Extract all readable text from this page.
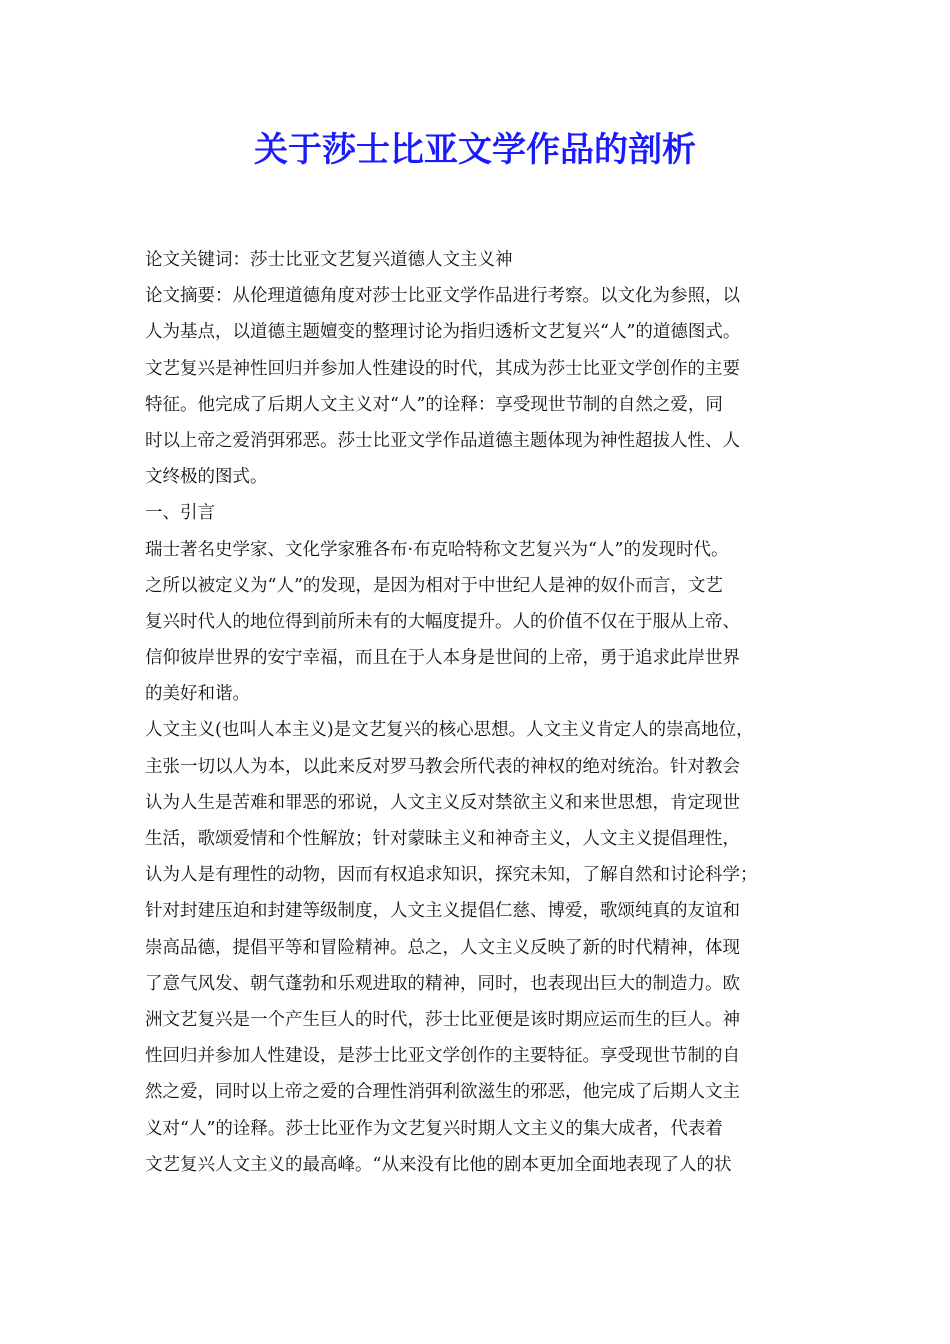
关于莎士比亚文学作品的剖析
论文关键词：莎士比亚文艺复兴道德人文主义神
论文摘要：从伦理道德角度对莎士比亚文学作品进行考察。以文化为参照，以
人为基点，以道德主题嬗变的整理讨论为指归透析文艺复兴“人”的道德图式。
文艺复兴是神性回归并参加人性建设的时代，其成为莎士比亚文学创作的主要
特征。他完成了后期人文主义对“人”的诠释：享受现世节制的自然之爱，同
时以上帝之爱消弭邪恶。莎士比亚文学作品道德主题体现为神性超拔人性、人
文终极的图式。
一、引言
瑞士著名史学家、文化学家雅各布·布克哈特称文艺复兴为“人”的发现时代。
之所以被定义为“人”的发现，是因为相对于中世纪人是神的奴仆而言，文艺
复兴时代人的地位得到前所未有的大幅度提升。人的价值不仅在于服从上帝、
信仰彼岸世界的安宁幸福，而且在于人本身是世间的上帝，勇于追求此岸世界
的美好和谐。
人文主义(也叫人本主义)是文艺复兴的核心思想。人文主义肯定人的崇高地位，
主张一切以人为本，以此来反对罗马教会所代表的神权的绝对统治。针对教会
认为人生是苦难和罪恶的邪说，人文主义反对禁欲主义和来世思想，肯定现世
生活，歌颂爱情和个性解放；针对蒙昧主义和神奇主义，人文主义提倡理性，
认为人是有理性的动物，因而有权追求知识，探究未知，了解自然和讨论科学；
针对封建压迫和封建等级制度，人文主义提倡仁慈、博爱，歌颂纯真的友谊和
崇高品德，提倡平等和冒险精神。总之，人文主义反映了新的时代精神，体现
了意气风发、朝气蓬勃和乐观进取的精神，同时，也表现出巨大的制造力。欧
洲文艺复兴是一个产生巨人的时代，莎士比亚便是该时期应运而生的巨人。神
性回归并参加人性建设，是莎士比亚文学创作的主要特征。享受现世节制的自
然之爱，同时以上帝之爱的合理性消弭利欲滋生的邪恶，他完成了后期人文主
义对“人”的诠释。莎士比亚作为文艺复兴时期人文主义的集大成者，代表着
文艺复兴人文主义的最高峰。“从来没有比他的剧本更加全面地表现了人的状
